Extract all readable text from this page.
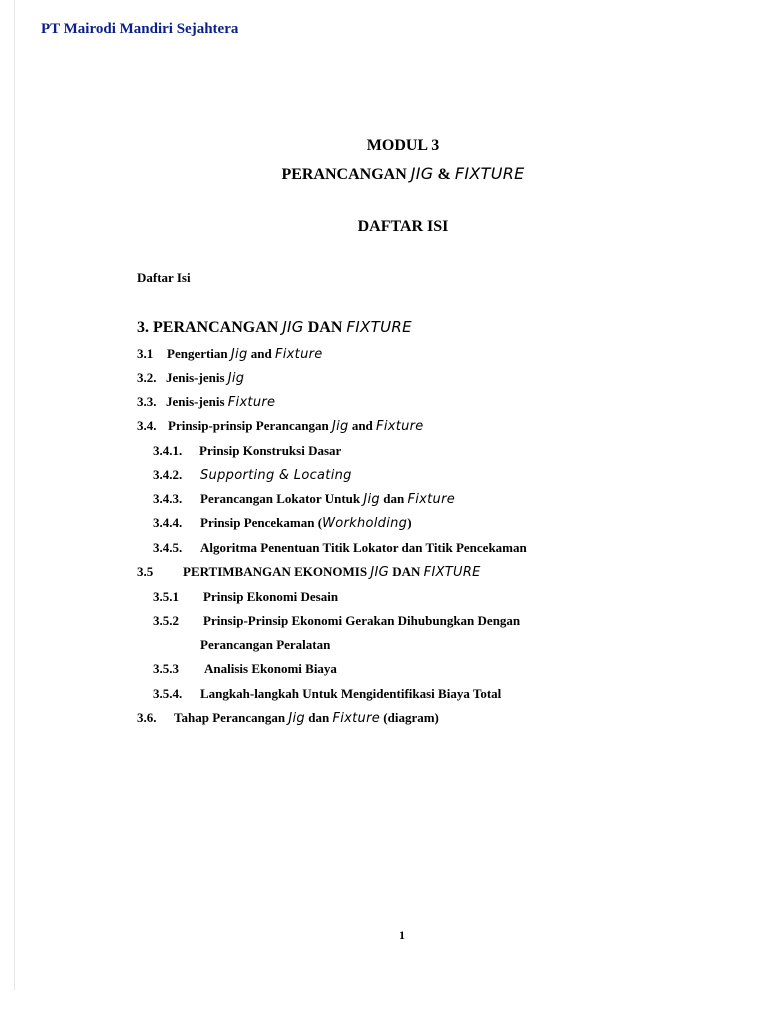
PT Mairodi Mandiri Sejahtera
MODUL 3
PERANCANGAN JIG & FIXTURE
DAFTAR ISI
Daftar Isi
3. PERANCANGAN JIG DAN FIXTURE
3.1 Pengertian Jig and Fixture
3.2. Jenis-jenis Jig
3.3. Jenis-jenis Fixture
3.4. Prinsip-prinsip Perancangan Jig and Fixture
3.4.1. Prinsip Konstruksi Dasar
3.4.2. Supporting & Locating
3.4.3. Perancangan Lokator Untuk Jig dan Fixture
3.4.4. Prinsip Pencekaman (Workholding)
3.4.5. Algoritma Penentuan Titik Lokator dan Titik Pencekaman
3.5 PERTIMBANGAN EKONOMIS JIG DAN FIXTURE
3.5.1 Prinsip Ekonomi Desain
3.5.2 Prinsip-Prinsip Ekonomi Gerakan Dihubungkan Dengan
Perancangan Peralatan
3.5.3 Analisis Ekonomi Biaya
3.5.4. Langkah-langkah Untuk Mengidentifikasi Biaya Total
3.6. Tahap Perancangan Jig dan Fixture (diagram)
1
